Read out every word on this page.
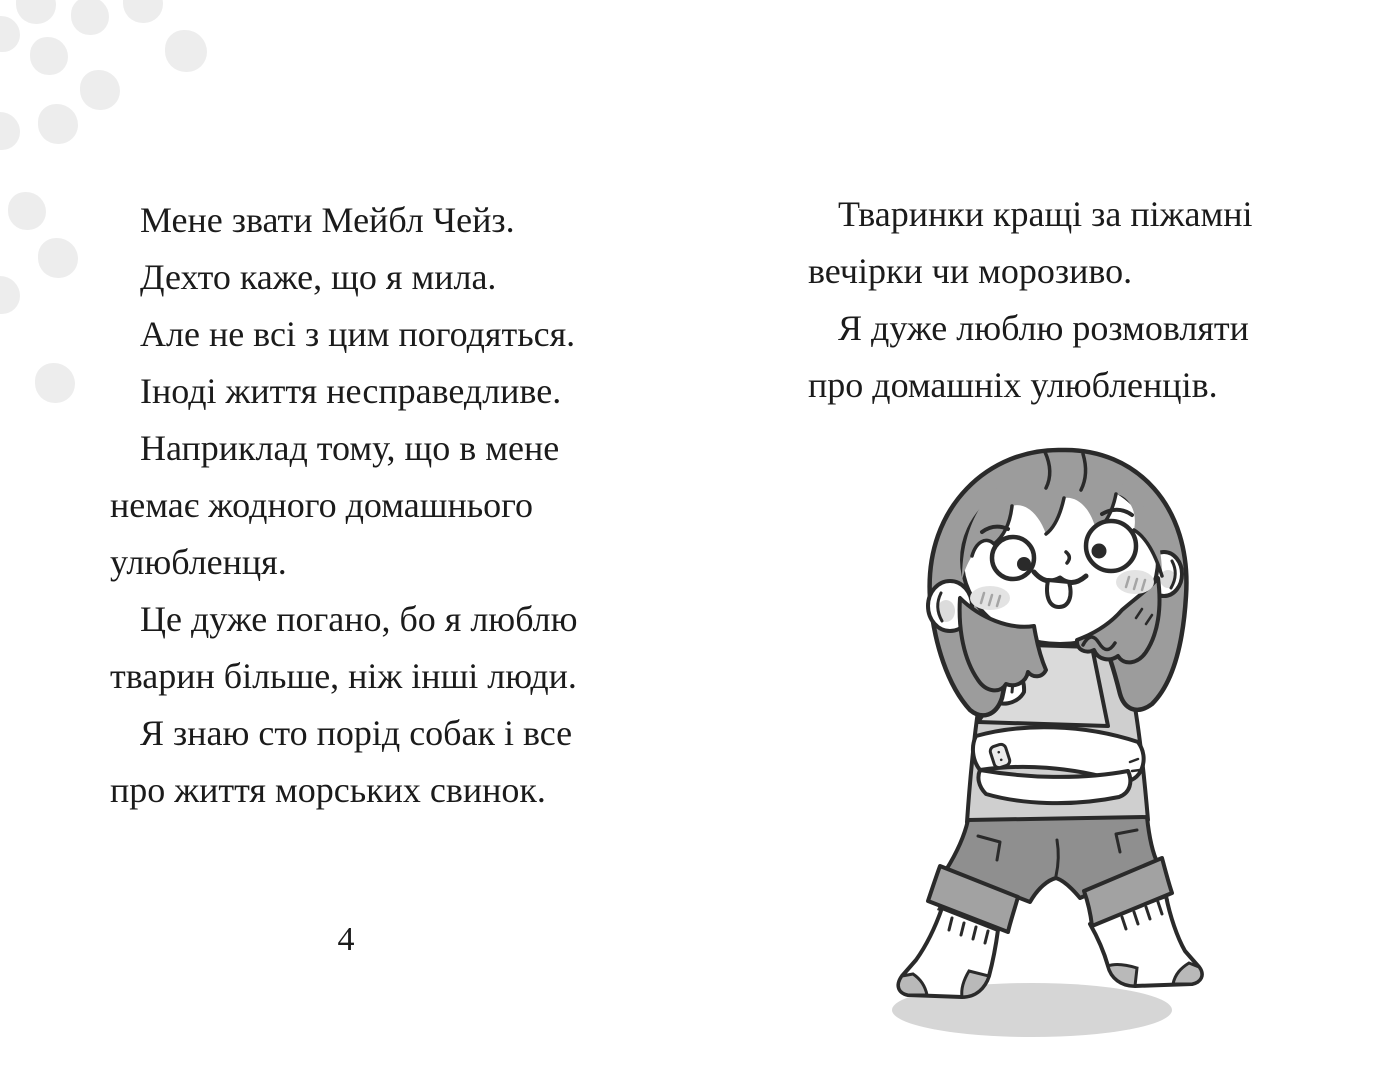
Мене звати Мейбл Чейз.

Дехто каже, що я мила.

Але не всі з цим погодяться.

Іноді життя несправедливе.

Наприклад тому, що в мене

немає жодного домашнього

улюбленця.

Це дуже погано, бо я люблю

тварин більше, ніж інші люди.

Я знаю сто порід собак і все

про життя морських свинок.

4

Тваринки кращі за піжамні

вечірки чи морозиво.

Я дуже люблю розмовляти

про домашніх улюбленців.
